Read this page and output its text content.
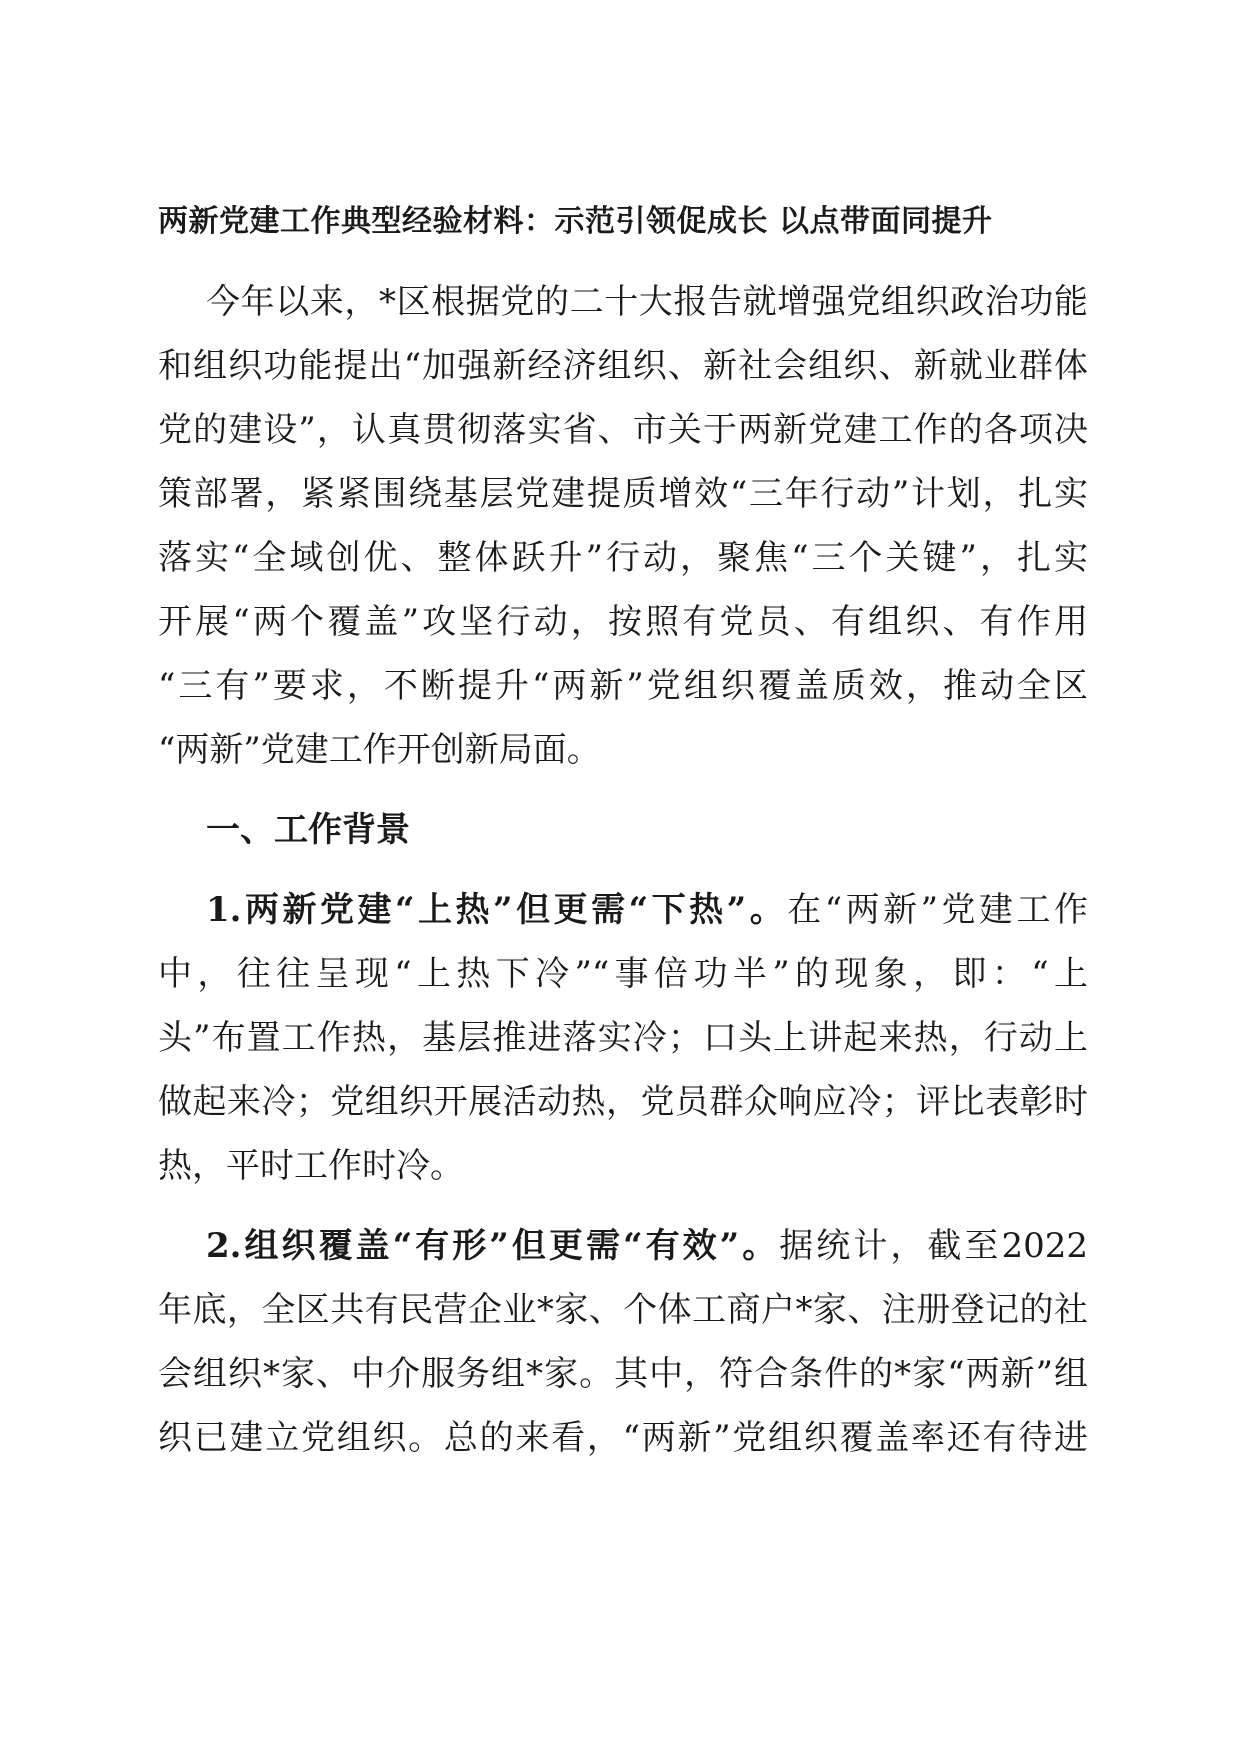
两新党建工作典型经验材料：示范引领促成长 以点带面同提升
今年以来，*区根据党的二十大报告就增强党组织政治功能
和组织功能提出“加强新经济组织、新社会组织、新就业群体
党的建设”，认真贯彻落实省、市关于两新党建工作的各项决
策部署，紧紧围绕基层党建提质增效“三年行动”计划，扎实
落实“全域创优、整体跃升”行动，聚焦“三个关键”，扎实
开展“两个覆盖”攻坚行动，按照有党员、有组织、有作用
“三有”要求，不断提升“两新”党组织覆盖质效，推动全区
“两新”党建工作开创新局面。
一、工作背景
1.两新党建“上热”但更需“下热”。在“两新”党建工作
中，往往呈现“上热下冷”“事倍功半”的现象，即：“上
头”布置工作热，基层推进落实冷；口头上讲起来热，行动上
做起来冷；党组织开展活动热，党员群众响应冷；评比表彰时
热，平时工作时冷。
2.组织覆盖“有形”但更需“有效”。据统计，截至2022
年底，全区共有民营企业*家、个体工商户*家、注册登记的社
会组织*家、中介服务组*家。其中，符合条件的*家“两新”组
织已建立党组织。总的来看，“两新”党组织覆盖率还有待进
